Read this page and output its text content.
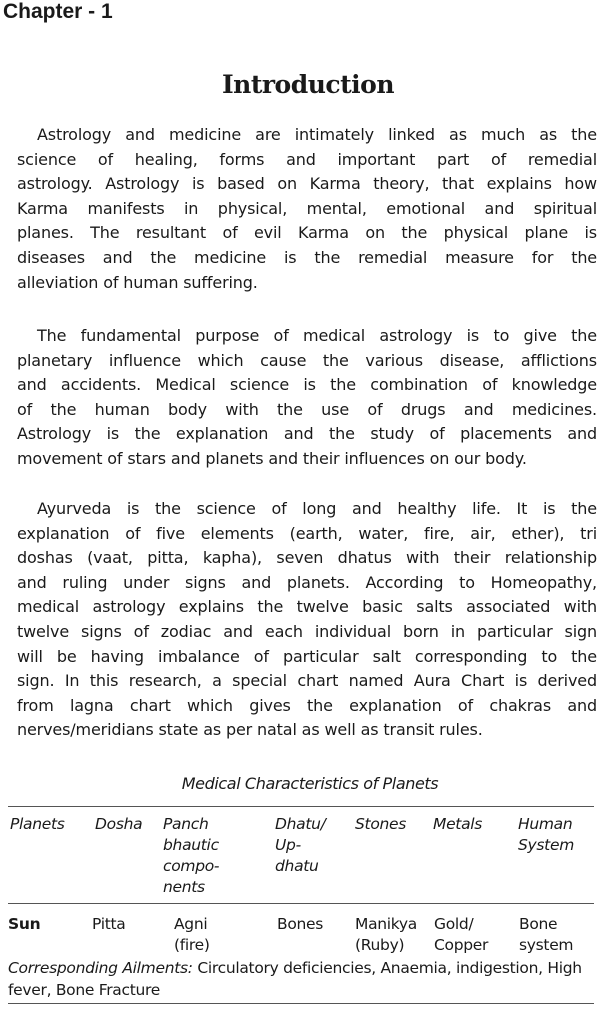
Chapter - 1
Introduction
Astrology and medicine are intimately linked as much as the
science of healing, forms and important part of remedial
astrology. Astrology is based on Karma theory, that explains how
Karma manifests in physical, mental, emotional and spiritual
planes. The resultant of evil Karma on the physical plane is
diseases and the medicine is the remedial measure for the
alleviation of human suffering.
The fundamental purpose of medical astrology is to give the
planetary influence which cause the various disease, afflictions
and accidents. Medical science is the combination of knowledge
of the human body with the use of drugs and medicines.
Astrology is the explanation and the study of placements and
movement of stars and planets and their influences on our body.
Ayurveda is the science of long and healthy life. It is the
explanation of five elements (earth, water, fire, air, ether), tri
doshas (vaat, pitta, kapha), seven dhatus with their relationship
and ruling under signs and planets. According to Homeopathy,
medical astrology explains the twelve basic salts associated with
twelve signs of zodiac and each individual born in particular sign
will be having imbalance of particular salt corresponding to the
sign. In this research, a special chart named Aura Chart is derived
from lagna chart which gives the explanation of chakras and
nerves/meridians state as per natal as well as transit rules.
Medical Characteristics of Planets
Corresponding Ailments: Circulatory deficiencies, Anaemia, indigestion, High fever, Bone Fracture
Planets Dosha Panch
bhautic
compo-
nents
Dhatu/
Up-
dhatu
Stones Metals Human
System
Sun	Pitta	Agni
(fire)
Bones Manikya
(Ruby)
Gold/
Copper
Bone
system
